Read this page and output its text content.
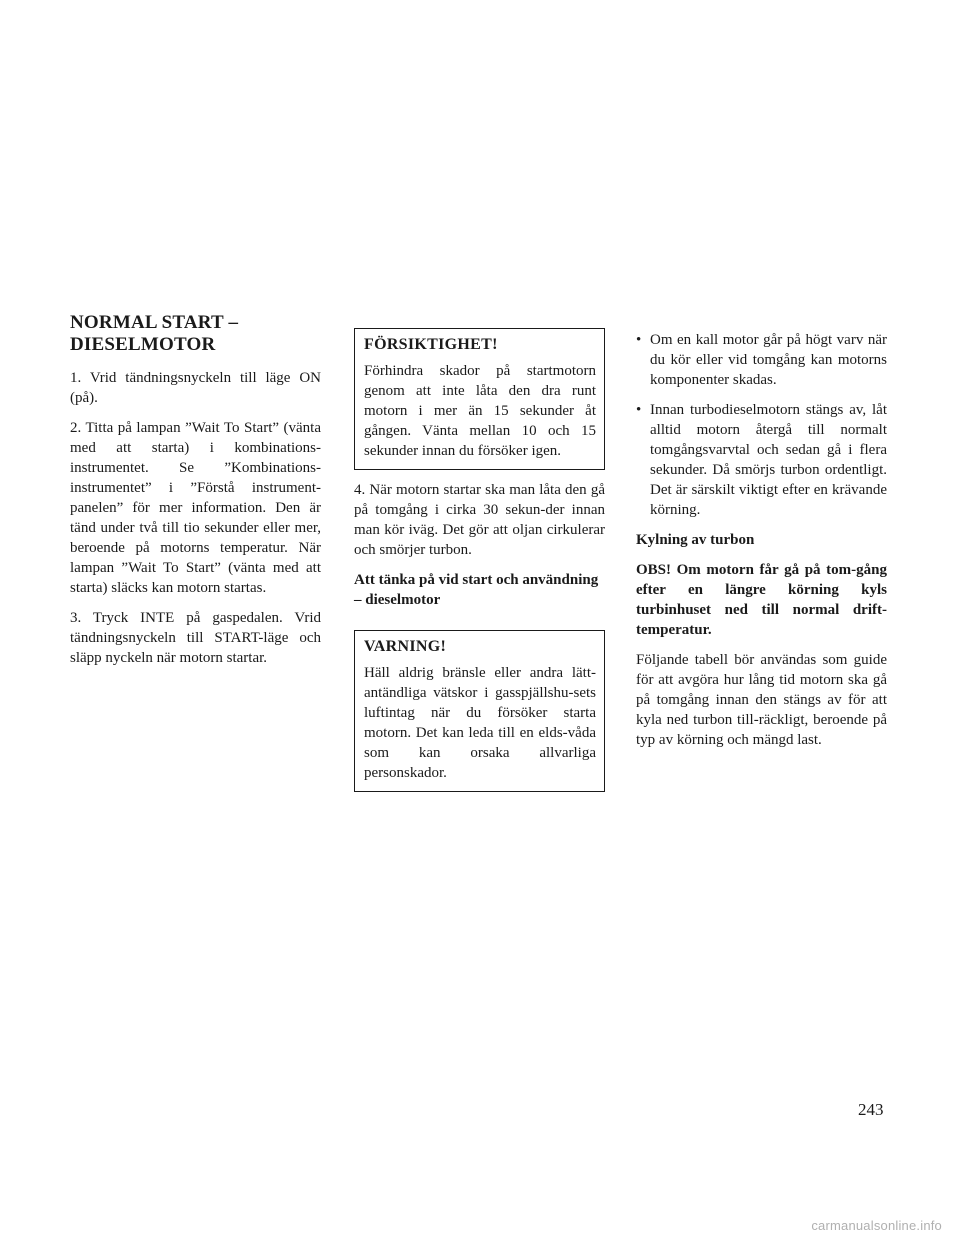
NORMAL START – DIESELMOTOR

1. Vrid tändningsnyckeln till läge ON (på).

2. Titta på lampan ”Wait To Start” (vänta med att starta) i kombinations-instrumentet. Se ”Kombinations-instrumentet” i ”Förstå instrument-panelen” för mer information. Den är tänd under två till tio sekunder eller mer, beroende på motorns temperatur. När lampan ”Wait To Start” (vänta med att starta) släcks kan motorn startas.

3. Tryck INTE på gaspedalen. Vrid tändningsnyckeln till START-läge och släpp nyckeln när motorn startar.

FÖRSIKTIGHET!

Förhindra skador på startmotorn genom att inte låta den dra runt motorn i mer än 15 sekunder åt gången. Vänta mellan 10 och 15 sekunder innan du försöker igen.

4. När motorn startar ska man låta den gå på tomgång i cirka 30 sekun-der innan man kör iväg. Det gör att oljan cirkulerar och smörjer turbon.

Att tänka på vid start och användning – dieselmotor

VARNING!

Häll aldrig bränsle eller andra lätt-antändliga vätskor i gasspjällshu-sets luftintag när du försöker starta motorn. Det kan leda till en elds-våda som kan orsaka allvarliga personskador.

• Om en kall motor går på högt varv när du kör eller vid tomgång kan motorns komponenter skadas.

• Innan turbodieselmotorn stängs av, låt alltid motorn återgå till normalt tomgångsvarvtal och sedan gå i flera sekunder. Då smörjs turbon ordentligt. Det är särskilt viktigt efter en krävande körning.

Kylning av turbon

OBS! Om motorn får gå på tom-gång efter en längre körning kyls turbinhuset ned till normal drift-temperatur.

Följande tabell bör användas som guide för att avgöra hur lång tid motorn ska gå på tomgång innan den stängs av för att kyla ned turbon till-räckligt, beroende på typ av körning och mängd last.

243
carmanualsonline.info
